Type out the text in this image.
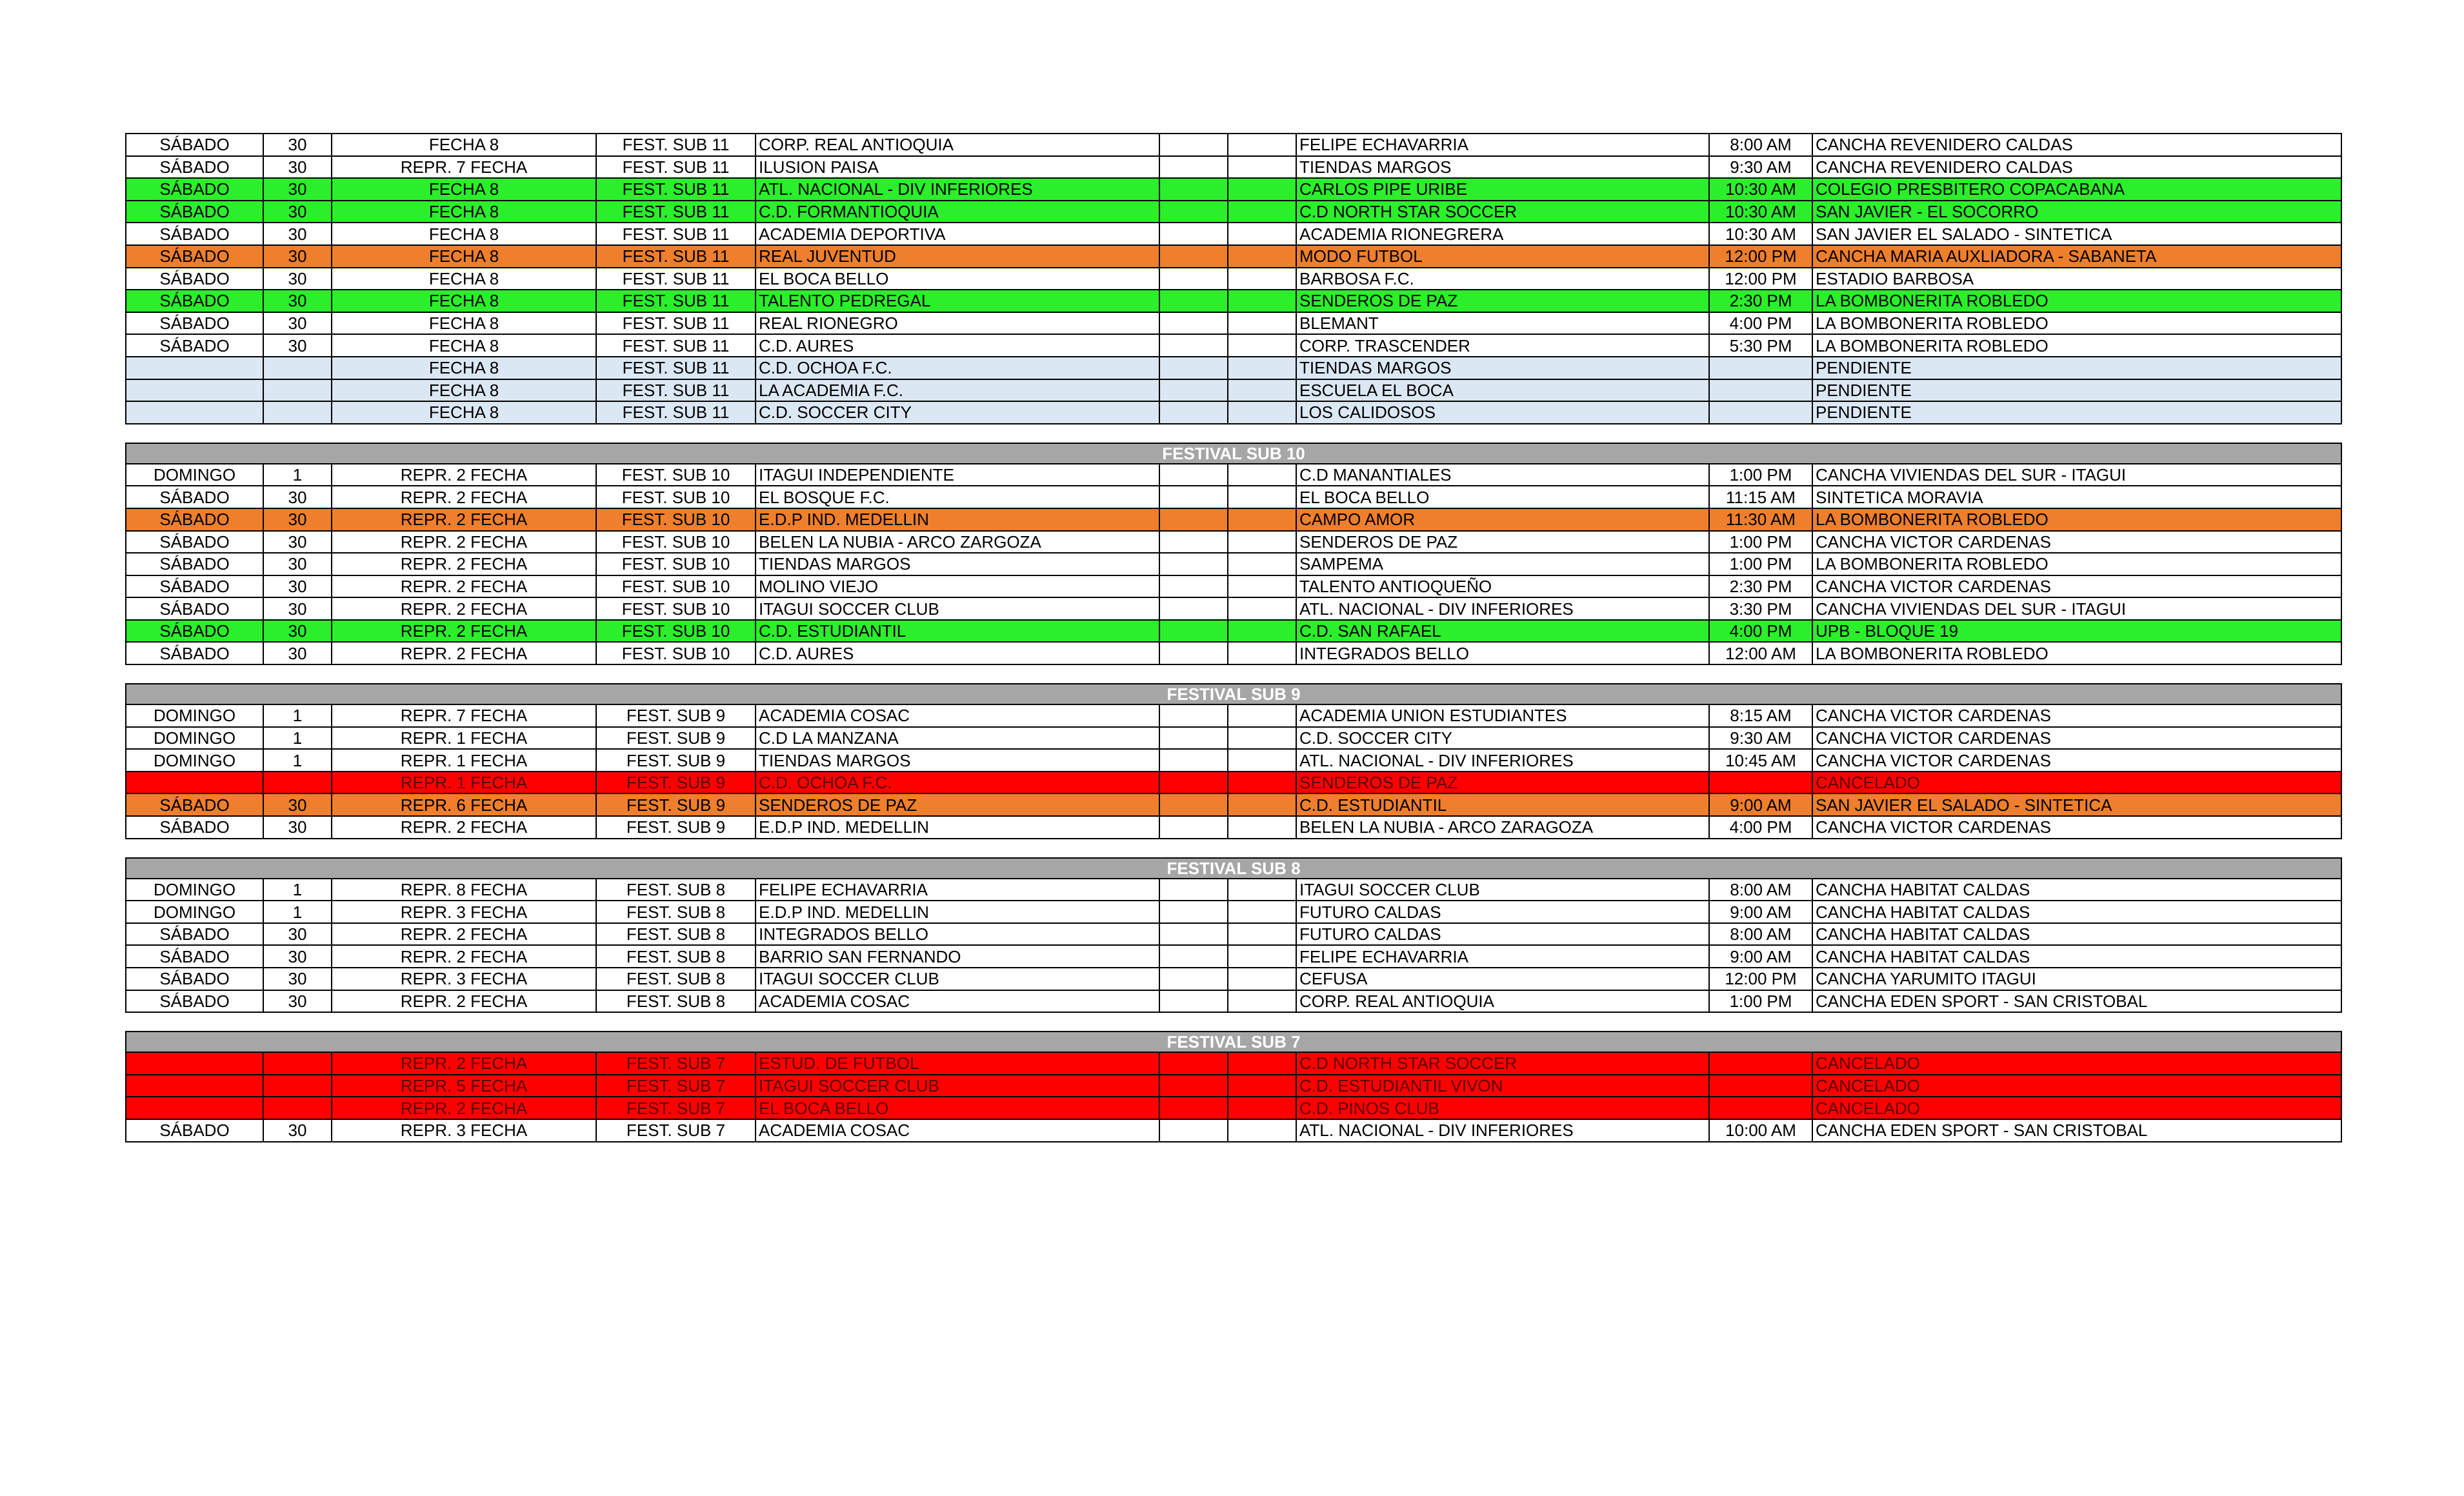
SÁBADO	30	FECHA 8	FEST. SUB 11	CORP. REAL ANTIOQUIA			FELIPE ECHAVARRIA	8:00 AM	CANCHA REVENIDERO CALDAS
SÁBADO	30	REPR. 7 FECHA	FEST. SUB 11	ILUSION PAISA			TIENDAS MARGOS	9:30 AM	CANCHA REVENIDERO CALDAS
SÁBADO	30	FECHA 8	FEST. SUB 11	ATL. NACIONAL - DIV INFERIORES			CARLOS PIPE URIBE	10:30 AM	COLEGIO PRESBITERO COPACABANA
SÁBADO	30	FECHA 8	FEST. SUB 11	C.D. FORMANTIOQUIA			C.D NORTH STAR SOCCER	10:30 AM	SAN JAVIER - EL SOCORRO
SÁBADO	30	FECHA 8	FEST. SUB 11	ACADEMIA DEPORTIVA			ACADEMIA RIONEGRERA	10:30 AM	SAN JAVIER EL SALADO - SINTETICA
SÁBADO	30	FECHA 8	FEST. SUB 11	REAL JUVENTUD			MODO FUTBOL	12:00 PM	CANCHA MARIA AUXLIADORA - SABANETA
SÁBADO	30	FECHA 8	FEST. SUB 11	EL BOCA BELLO			BARBOSA F.C.	12:00 PM	ESTADIO BARBOSA
SÁBADO	30	FECHA 8	FEST. SUB 11	TALENTO PEDREGAL			SENDEROS DE PAZ	2:30 PM	LA BOMBONERITA ROBLEDO
SÁBADO	30	FECHA 8	FEST. SUB 11	REAL RIONEGRO			BLEMANT	4:00 PM	LA BOMBONERITA ROBLEDO
SÁBADO	30	FECHA 8	FEST. SUB 11	C.D. AURES			CORP. TRASCENDER	5:30 PM	LA BOMBONERITA ROBLEDO
		FECHA 8	FEST. SUB 11	C.D. OCHOA F.C.			TIENDAS MARGOS		PENDIENTE
		FECHA 8	FEST. SUB 11	LA ACADEMIA F.C.			ESCUELA EL BOCA		PENDIENTE
		FECHA 8	FEST. SUB 11	C.D. SOCCER CITY			LOS CALIDOSOS		PENDIENTE

FESTIVAL SUB 10									
DOMINGO	1	REPR. 2 FECHA	FEST. SUB 10	ITAGUI INDEPENDIENTE			C.D MANANTIALES	1:00 PM	CANCHA VIVIENDAS DEL SUR - ITAGUI
SÁBADO	30	REPR. 2 FECHA	FEST. SUB 10	EL BOSQUE F.C.			EL BOCA BELLO	11:15 AM	SINTETICA MORAVIA
SÁBADO	30	REPR. 2 FECHA	FEST. SUB 10	E.D.P IND. MEDELLIN			CAMPO AMOR	11:30 AM	LA BOMBONERITA ROBLEDO
SÁBADO	30	REPR. 2 FECHA	FEST. SUB 10	BELEN LA NUBIA - ARCO ZARGOZA			SENDEROS DE PAZ	1:00 PM	CANCHA VICTOR CARDENAS
SÁBADO	30	REPR. 2 FECHA	FEST. SUB 10	TIENDAS MARGOS			SAMPEMA	1:00 PM	LA BOMBONERITA ROBLEDO
SÁBADO	30	REPR. 2 FECHA	FEST. SUB 10	MOLINO VIEJO			TALENTO ANTIOQUEÑO	2:30 PM	CANCHA VICTOR CARDENAS
SÁBADO	30	REPR. 2 FECHA	FEST. SUB 10	ITAGUI SOCCER CLUB			ATL. NACIONAL - DIV INFERIORES	3:30 PM	CANCHA VIVIENDAS DEL SUR - ITAGUI
SÁBADO	30	REPR. 2 FECHA	FEST. SUB 10	C.D. ESTUDIANTIL			C.D. SAN RAFAEL	4:00 PM	UPB - BLOQUE 19
SÁBADO	30	REPR. 2 FECHA	FEST. SUB 10	C.D. AURES			INTEGRADOS BELLO	12:00 AM	LA BOMBONERITA ROBLEDO

FESTIVAL SUB 9									
DOMINGO	1	REPR. 7 FECHA	FEST. SUB 9	ACADEMIA COSAC			ACADEMIA UNION ESTUDIANTES	8:15 AM	CANCHA VICTOR CARDENAS
DOMINGO	1	REPR. 1 FECHA	FEST. SUB 9	C.D LA MANZANA			C.D. SOCCER CITY	9:30 AM	CANCHA VICTOR CARDENAS
DOMINGO	1	REPR. 1 FECHA	FEST. SUB 9	TIENDAS MARGOS			ATL. NACIONAL - DIV INFERIORES	10:45 AM	CANCHA VICTOR CARDENAS
		REPR. 1 FECHA	FEST. SUB 9	C.D. OCHOA F.C.			SENDEROS DE PAZ		CANCELADO
SÁBADO	30	REPR. 6 FECHA	FEST. SUB 9	SENDEROS DE PAZ			C.D. ESTUDIANTIL	9:00 AM	SAN JAVIER EL SALADO - SINTETICA
SÁBADO	30	REPR. 2 FECHA	FEST. SUB 9	E.D.P IND. MEDELLIN			BELEN LA NUBIA - ARCO ZARAGOZA	4:00 PM	CANCHA VICTOR CARDENAS

FESTIVAL SUB 8									
DOMINGO	1	REPR. 8 FECHA	FEST. SUB 8	FELIPE ECHAVARRIA			ITAGUI SOCCER CLUB	8:00 AM	CANCHA HABITAT CALDAS
DOMINGO	1	REPR. 3 FECHA	FEST. SUB 8	E.D.P IND. MEDELLIN			FUTURO CALDAS	9:00 AM	CANCHA HABITAT CALDAS
SÁBADO	30	REPR. 2 FECHA	FEST. SUB 8	INTEGRADOS BELLO			FUTURO CALDAS	8:00 AM	CANCHA HABITAT CALDAS
SÁBADO	30	REPR. 2 FECHA	FEST. SUB 8	BARRIO SAN FERNANDO			FELIPE ECHAVARRIA	9:00 AM	CANCHA HABITAT CALDAS
SÁBADO	30	REPR. 3 FECHA	FEST. SUB 8	ITAGUI SOCCER CLUB			CEFUSA	12:00 PM	CANCHA YARUMITO ITAGUI
SÁBADO	30	REPR. 2 FECHA	FEST. SUB 8	ACADEMIA COSAC			CORP. REAL ANTIOQUIA	1:00 PM	CANCHA EDEN SPORT - SAN CRISTOBAL

FESTIVAL SUB 7									
		REPR. 2 FECHA	FEST. SUB 7	ESTUD. DE FUTBOL			C.D NORTH STAR SOCCER		CANCELADO
		REPR. 5 FECHA	FEST. SUB 7	ITAGUI SOCCER CLUB			C.D. ESTUDIANTIL VIVON		CANCELADO
		REPR. 2 FECHA	FEST. SUB 7	EL BOCA BELLO			C.D. PINOS CLUB		CANCELADO
SÁBADO	30	REPR. 3 FECHA	FEST. SUB 7	ACADEMIA COSAC			ATL. NACIONAL - DIV INFERIORES	10:00 AM	CANCHA EDEN SPORT - SAN CRISTOBAL
